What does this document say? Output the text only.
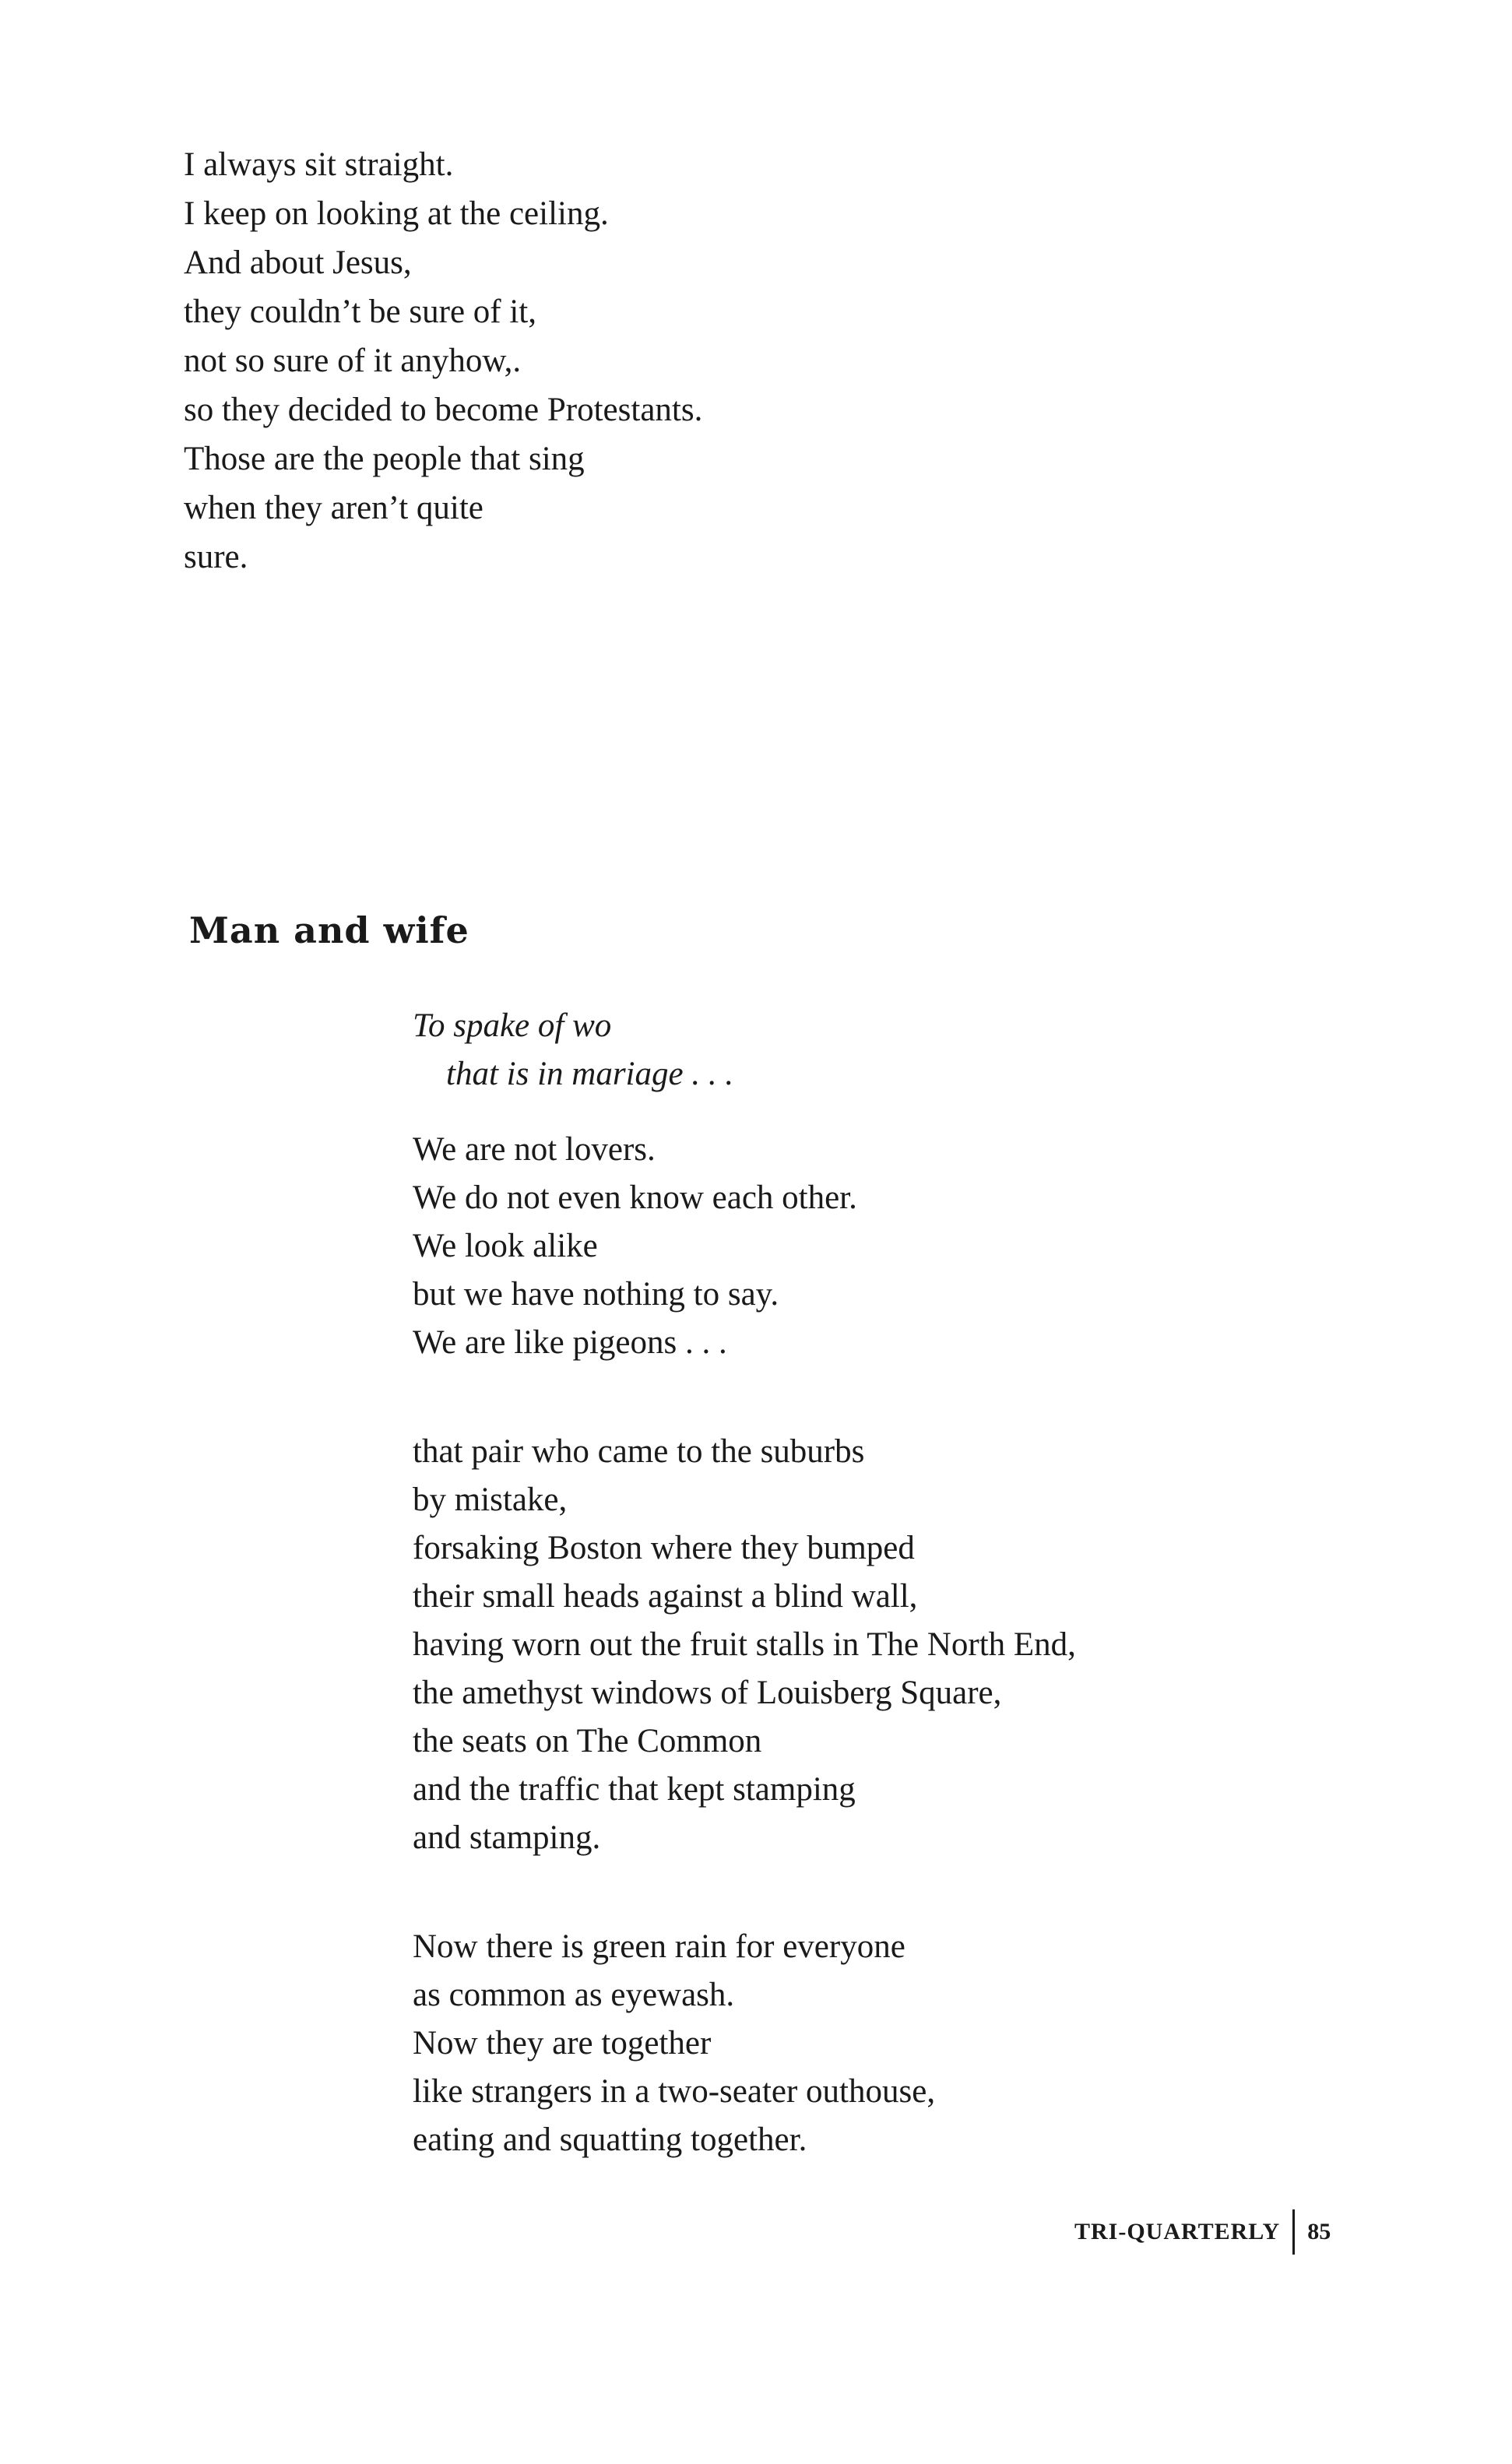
I always sit straight.
I keep on looking at the ceiling.
And about Jesus,
they couldn’t be sure of it,
not so sure of it anyhow,.
so they decided to become Protestants.
Those are the people that sing
when they aren’t quite
sure.
Man and wife
To spake of wo
that is in mariage . . .
We are not lovers.
We do not even know each other.
We look alike
but we have nothing to say.
We are like pigeons . . .
that pair who came to the suburbs
by mistake,
forsaking Boston where they bumped
their small heads against a blind wall,
having worn out the fruit stalls in The North End,
the amethyst windows of Louisberg Square,
the seats on The Common
and the traffic that kept stamping
and stamping.
Now there is green rain for everyone
as common as eyewash.
Now they are together
like strangers in a two-seater outhouse,
eating and squatting together.
TRI-QUARTERLY 85
